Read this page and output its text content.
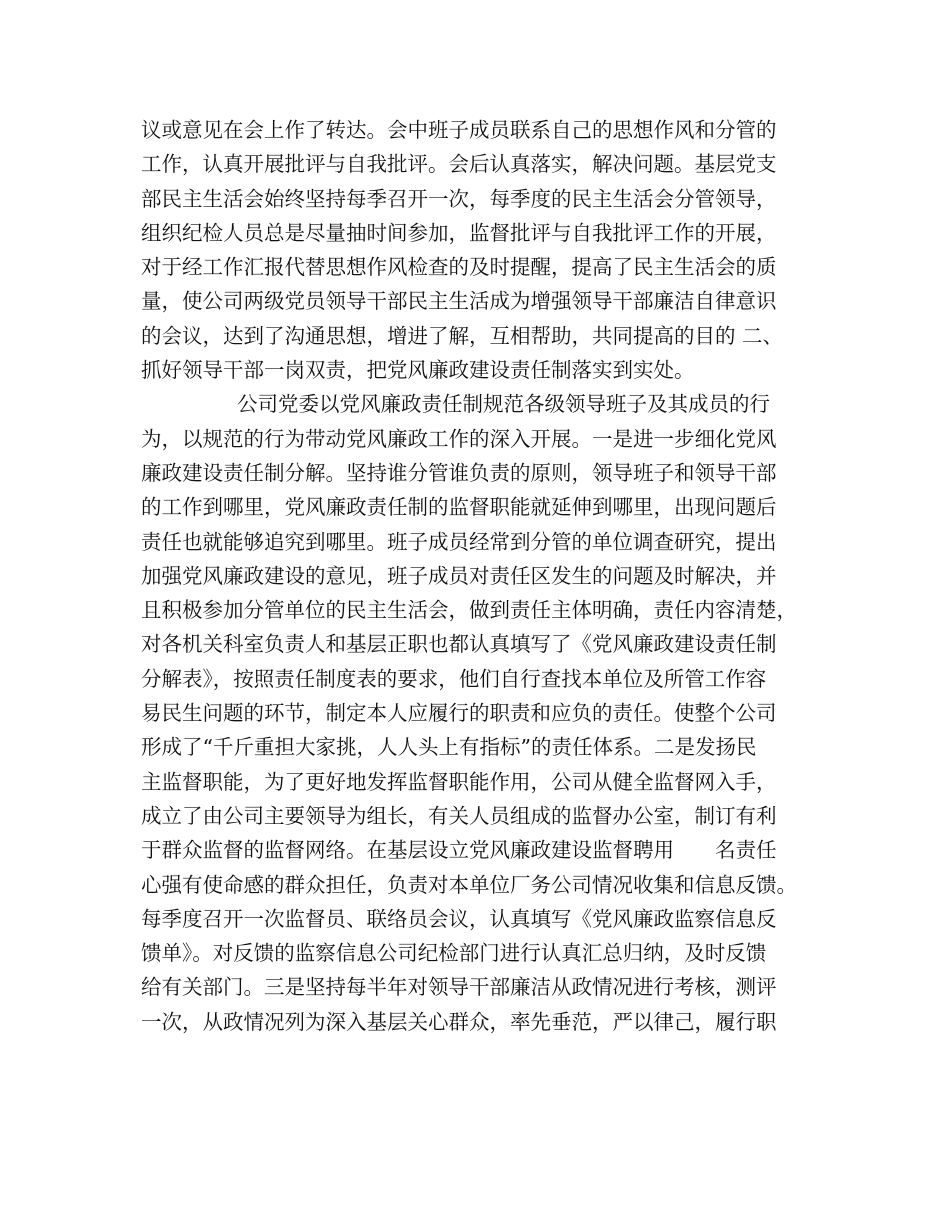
议或意见在会上作了转达。会中班子成员联系自己的思想作风和分管的
工作，认真开展批评与自我批评。会后认真落实，解决问题。基层党支
部民主生活会始终坚持每季召开一次，每季度的民主生活会分管领导，
组织纪检人员总是尽量抽时间参加，监督批评与自我批评工作的开展，
对于经工作汇报代替思想作风检查的及时提醒，提高了民主生活会的质
量，使公司两级党员领导干部民主生活成为增强领导干部廉洁自律意识
的会议，达到了沟通思想，增进了解，互相帮助，共同提高的目的 二、
抓好领导干部一岗双责，把党风廉政建设责任制落实到实处。
公司党委以党风廉政责任制规范各级领导班子及其成员的行
为，以规范的行为带动党风廉政工作的深入开展。一是进一步细化党风
廉政建设责任制分解。坚持谁分管谁负责的原则，领导班子和领导干部
的工作到哪里，党风廉政责任制的监督职能就延伸到哪里，出现问题后
责任也就能够追究到哪里。班子成员经常到分管的单位调查研究，提出
加强党风廉政建设的意见，班子成员对责任区发生的问题及时解决，并
且积极参加分管单位的民主生活会，做到责任主体明确，责任内容清楚，
对各机关科室负责人和基层正职也都认真填写了《党风廉政建设责任制
分解表》，按照责任制度表的要求，他们自行查找本单位及所管工作容
易民生问题的环节，制定本人应履行的职责和应负的责任。使整个公司
形成了“千斤重担大家挑，人人头上有指标”的责任体系。二是发扬民
主监督职能，为了更好地发挥监督职能作用，公司从健全监督网入手，
成立了由公司主要领导为组长，有关人员组成的监督办公室，制订有利
于群众监督的监督网络。在基层设立党风廉政建设监督聘用　　名责任
心强有使命感的群众担任，负责对本单位厂务公司情况收集和信息反馈。
每季度召开一次监督员、联络员会议，认真填写《党风廉政监察信息反
馈单》。对反馈的监察信息公司纪检部门进行认真汇总归纳，及时反馈
给有关部门。三是坚持每半年对领导干部廉洁从政情况进行考核，测评
一次，从政情况列为深入基层关心群众，率先垂范，严以律己，履行职
